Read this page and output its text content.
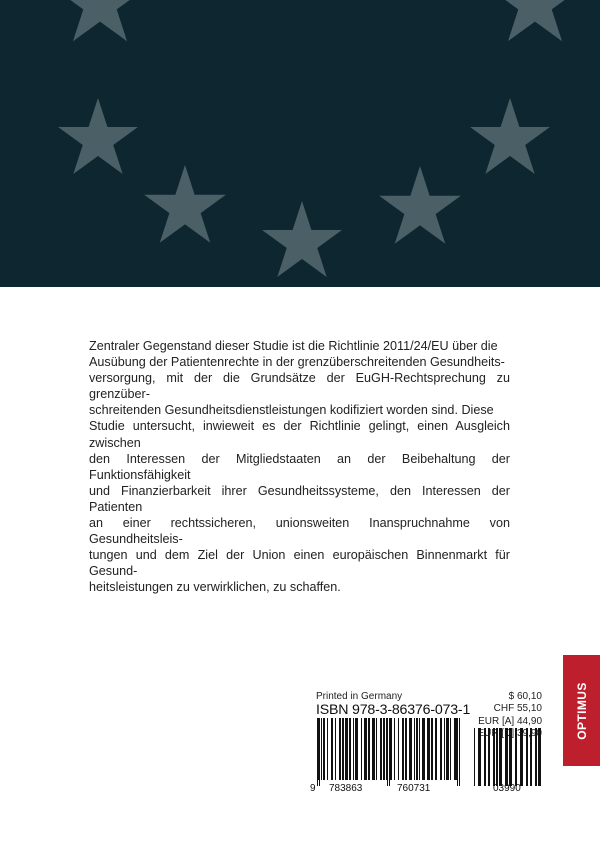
Zentraler Gegenstand dieser Studie ist die Richtlinie 2011/24/EU über die
Ausübung der Patientenrechte in der grenzüberschreitenden Gesundheits-
versorgung, mit der die Grundsätze der EuGH-Rechtsprechung zu grenzüber-
schreitenden Gesundheitsdienstleistungen kodifiziert worden sind. Diese
Studie untersucht, inwieweit es der Richtlinie gelingt, einen Ausgleich zwischen
den Interessen der Mitgliedstaaten an der Beibehaltung der Funktionsfähigkeit
und Finanzierbarkeit ihrer Gesundheitssysteme, den Interessen der Patienten
an einer rechtssicheren, unionsweiten Inanspruchnahme von Gesundheitsleis-
tungen und dem Ziel der Union einen europäischen Binnenmarkt für Gesund-
heitsleistungen zu verwirklichen, zu schaffen.

Printed in Germany
ISBN 978-3-86376-073-1
$ 60,10
CHF 55,10
EUR [A] 44,90
39,90
9 783863	760731	03990
OPTIMUS
